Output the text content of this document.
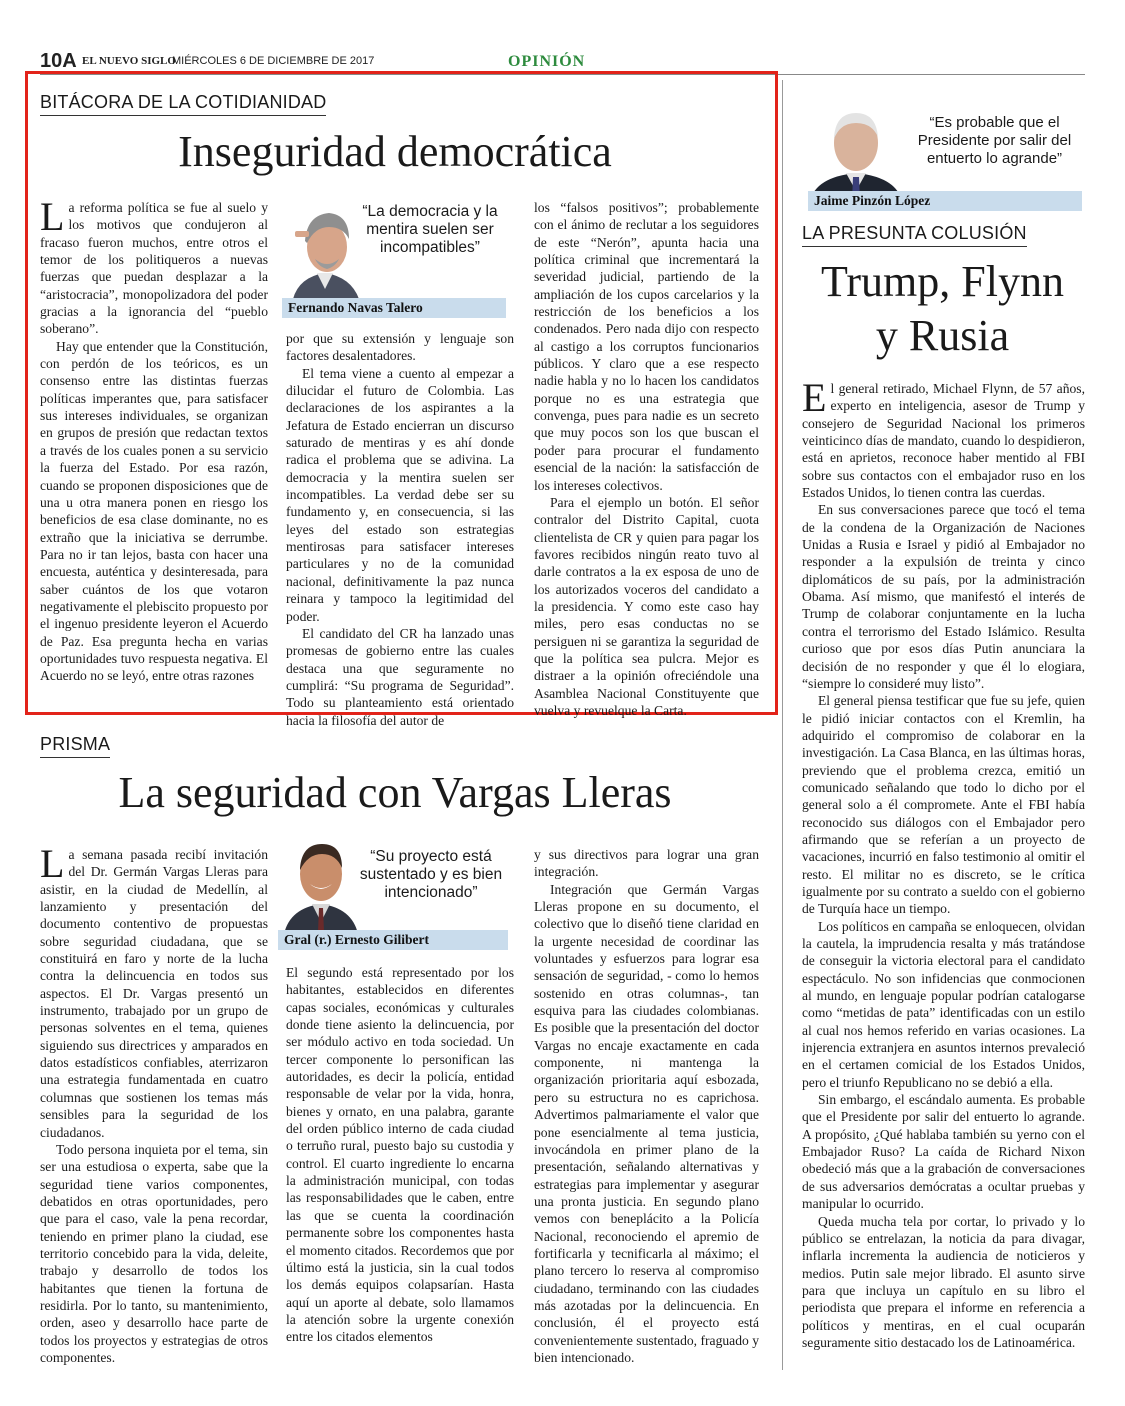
10A EL NUEVO SIGLO
MIÉRCOLES 6 DE DICIEMBRE DE 2017	OPINIÓN
BITÁCORA DE LA COTIDIANIDAD
Inseguridad democrática

La reforma política se fue al suelo y los motivos que condujeron al fracaso fueron muchos, entre otros el temor de los politiqueros a nuevas fuerzas que puedan desplazar a la “aristocracia”, monopolizadora del poder gracias a la ignorancia del “pueblo soberano”.

Hay que entender que la Constitución, con perdón de los teóricos, es un consenso entre las distintas fuerzas políticas imperantes que, para satisfacer sus intereses individuales, se organizan en grupos de presión que redactan textos a través de los cuales ponen a su servicio la fuerza del Estado. Por esa razón, cuando se proponen disposiciones que de una u otra manera ponen en riesgo los beneficios de esa clase dominante, no es extraño que la iniciativa se derrumbe. Para no ir tan lejos, basta con hacer una encuesta, auténtica y desinteresada, para saber cuántos de los que votaron negativamente el plebiscito propuesto por el ingenuo presidente leyeron el Acuerdo de Paz. Esa pregunta hecha en varias oportunidades tuvo respuesta negativa. El Acuerdo no se leyó, entre otras razones

“La democracia y la mentira suelen ser incompatibles”
Fernando Navas Talero

por que su extensión y lenguaje son factores desalentadores.

El tema viene a cuento al empezar a dilucidar el futuro de Colombia. Las declaraciones de los aspirantes a la Jefatura de Estado encierran un discurso saturado de mentiras y es ahí donde radica el problema que se adivina. La democracia y la mentira suelen ser incompatibles. La verdad debe ser su fundamento y, en consecuencia, si las leyes del estado son estrategias mentirosas para satisfacer intereses particulares y no de la comunidad nacional, definitivamente la paz nunca reinara y tampoco la legitimidad del poder.

El candidato del CR ha lanzado unas promesas de gobierno entre las cuales destaca una que seguramente no cumplirá: “Su programa de Seguridad”. Todo su planteamiento está orientado hacia la filosofía del autor de

los “falsos positivos”; probablemente con el ánimo de reclutar a los seguidores de este “Nerón”, apunta hacia una política criminal que incrementará la severidad judicial, partiendo de la ampliación de los cupos carcelarios y la restricción de los beneficios a los condenados. Pero nada dijo con respecto al castigo a los corruptos funcionarios públicos. Y claro que a ese respecto nadie habla y no lo hacen los candidatos porque no es una estrategia que convenga, pues para nadie es un secreto que muy pocos son los que buscan el poder para procurar el fundamento esencial de la nación: la satisfacción de los intereses colectivos.

Para el ejemplo un botón. El señor contralor del Distrito Capital, cuota clientelista de CR y quien para pagar los favores recibidos ningún reato tuvo al darle contratos a la ex esposa de uno de los autorizados voceros del candidato a la presidencia. Y como este caso hay miles, pero esas conductas no se persiguen ni se garantiza la seguridad de que la política sea pulcra. Mejor es distraer a la opinión ofreciéndole una Asamblea Nacional Constituyente que vuelva y revuelque la Carta.

PRISMA
La seguridad con Vargas Lleras

La semana pasada recibí invitación del Dr. Germán Vargas Lleras para asistir, en la ciudad de Medellín, al lanzamiento y presentación del documento contentivo de propuestas sobre seguridad ciudadana, que se constituirá en faro y norte de la lucha contra la delincuencia en todos sus aspectos. El Dr. Vargas presentó un instrumento, trabajado por un grupo de personas solventes en el tema, quienes siguiendo sus directrices y amparados en datos estadísticos confiables, aterrizaron una estrategia fundamentada en cuatro columnas que sostienen los temas más sensibles para la seguridad de los ciudadanos.

Todo persona inquieta por el tema, sin ser una estudiosa o experta, sabe que la seguridad tiene varios componentes, debatidos en otras oportunidades, pero que para el caso, vale la pena recordar, teniendo en primer plano la ciudad, ese territorio concebido para la vida, deleite, trabajo y desarrollo de todos los habitantes que tienen la fortuna de residirla. Por lo tanto, su mantenimiento, orden, aseo y desarrollo hace parte de todos los proyectos y estrategias de otros componentes.

“Su proyecto está sustentado y es bien intencionado”
Gral (r.) Ernesto Gilibert

El segundo está representado por los habitantes, establecidos en diferentes capas sociales, económicas y culturales donde tiene asiento la delincuencia, por ser módulo activo en toda sociedad. Un tercer componente lo personifican las autoridades, es decir la policía, entidad responsable de velar por la vida, honra, bienes y ornato, en una palabra, garante del orden público interno de cada ciudad o terruño rural, puesto bajo su custodia y control. El cuarto ingrediente lo encarna la administración municipal, con todas las responsabilidades que le caben, entre las que se cuenta la coordinación permanente sobre los componentes hasta el momento citados. Recordemos que por último está la justicia, sin la cual todos los demás equipos colapsarían. Hasta aquí un aporte al debate, solo llamamos la atención sobre la urgente conexión entre los citados elementos

y sus directivos para lograr una gran integración.

Integración que Germán Vargas Lleras propone en su documento, el colectivo que lo diseñó tiene claridad en la urgente necesidad de coordinar las voluntades y esfuerzos para lograr esa sensación de seguridad, - como lo hemos sostenido en otras columnas-, tan esquiva para las ciudades colombianas. Es posible que la presentación del doctor Vargas no encaje exactamente en cada componente, ni mantenga la organización prioritaria aquí esbozada, pero su estructura no es caprichosa. Advertimos palmariamente el valor que pone esencialmente al tema justicia, invocándola en primer plano de la presentación, señalando alternativas y estrategias para implementar y asegurar una pronta justicia. En segundo plano vemos con beneplácito a la Policía Nacional, reconociendo el apremio de fortificarla y tecnificarla al máximo; el plano tercero lo reserva al compromiso ciudadano, terminando con las ciudades más azotadas por la delincuencia. En conclusión, él el proyecto está convenientemente sustentado, fraguado y bien intencionado.

“Es probable que el Presidente por salir del entuerto lo agrande”
Jaime Pinzón López
LA PRESUNTA COLUSIÓN
Trump, Flynn
y Rusia

El general retirado, Michael Flynn, de 57 años, experto en inteligencia, asesor de Trump y consejero de Seguridad Nacional los primeros veinticinco días de mandato, cuando lo despidieron, está en aprietos, reconoce haber mentido al FBI sobre sus contactos con el embajador ruso en los Estados Unidos, lo tienen contra las cuerdas.

En sus conversaciones parece que tocó el tema de la condena de la Organización de Naciones Unidas a Rusia e Israel y pidió al Embajador no responder a la expulsión de treinta y cinco diplomáticos de su país, por la administración Obama. Así mismo, que manifestó el interés de Trump de colaborar conjuntamente en la lucha contra el terrorismo del Estado Islámico. Resulta curioso que por esos días Putin anunciara la decisión de no responder y que él lo elogiara, “siempre lo consideré muy listo”.

El general piensa testificar que fue su jefe, quien le pidió iniciar contactos con el Kremlin, ha adquirido el compromiso de colaborar en la investigación. La Casa Blanca, en las últimas horas, previendo que el problema crezca, emitió un comunicado señalando que todo lo dicho por el general solo a él compromete. Ante el FBI había reconocido sus diálogos con el Embajador pero afirmando que se referían a un proyecto de vacaciones, incurrió en falso testimonio al omitir el resto. El militar no es discreto, se le crítica igualmente por su contrato a sueldo con el gobierno de Turquía hace un tiempo.

Los políticos en campaña se enloquecen, olvidan la cautela, la imprudencia resalta y más tratándose de conseguir la victoria electoral para el candidato espectáculo. No son infidencias que conmocionen al mundo, en lenguaje popular podrían catalogarse como “metidas de pata” identificadas con un estilo al cual nos hemos referido en varias ocasiones. La injerencia extranjera en asuntos internos prevaleció en el certamen comicial de los Estados Unidos, pero el triunfo Republicano no se debió a ella.

Sin embargo, el escándalo aumenta. Es probable que el Presidente por salir del entuerto lo agrande. A propósito, ¿Qué hablaba también su yerno con el Embajador Ruso? La caída de Richard Nixon obedeció más que a la grabación de conversaciones de sus adversarios demócratas a ocultar pruebas y manipular lo ocurrido.

Queda mucha tela por cortar, lo privado y lo público se entrelazan, la noticia da para divagar, inflarla incrementa la audiencia de noticieros y medios. Putin sale mejor librado. El asunto sirve para que incluya un capítulo en su libro el periodista que prepara el informe en referencia a políticos y mentiras, en el cual ocuparán seguramente sitio destacado los de Latinoamérica.
